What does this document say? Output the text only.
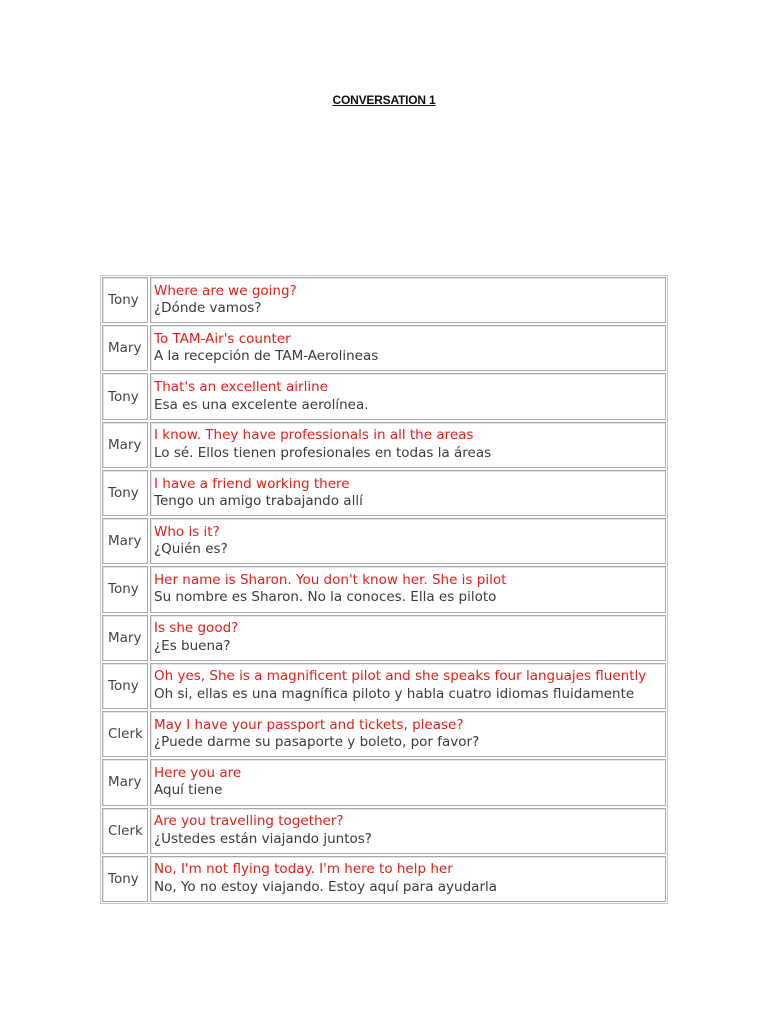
CONVERSATION 1
Tony
Where are we going?
¿Dónde vamos?
Mary
To TAM-Air's counter
A la recepción de TAM-Aerolineas
Tony
That's an excellent airline
Esa es una excelente aerolínea.
Mary
I know. They have professionals in all the areas
Lo sé. Ellos tienen profesionales en todas la áreas
Tony
I have a friend working there
Tengo un amigo trabajando allí
Mary
Who is it?
¿Quién es?
Tony
Her name is Sharon. You don't know her. She is pilot
Su nombre es Sharon. No la conoces. Ella es piloto
Mary
Is she good?
¿Es buena?
Tony
Oh yes, She is a magnificent pilot and she speaks four languajes fluently
Oh si, ellas es una magnífica piloto y habla cuatro idiomas fluidamente
Clerk
May I have your passport and tickets, please?
¿Puede darme su pasaporte y boleto, por favor?
Mary
Here you are
Aquí tiene
Clerk
Are you travelling together?
¿Ustedes están viajando juntos?
Tony
No, I'm not flying today. I'm here to help her
No, Yo no estoy viajando. Estoy aquí para ayudarla
